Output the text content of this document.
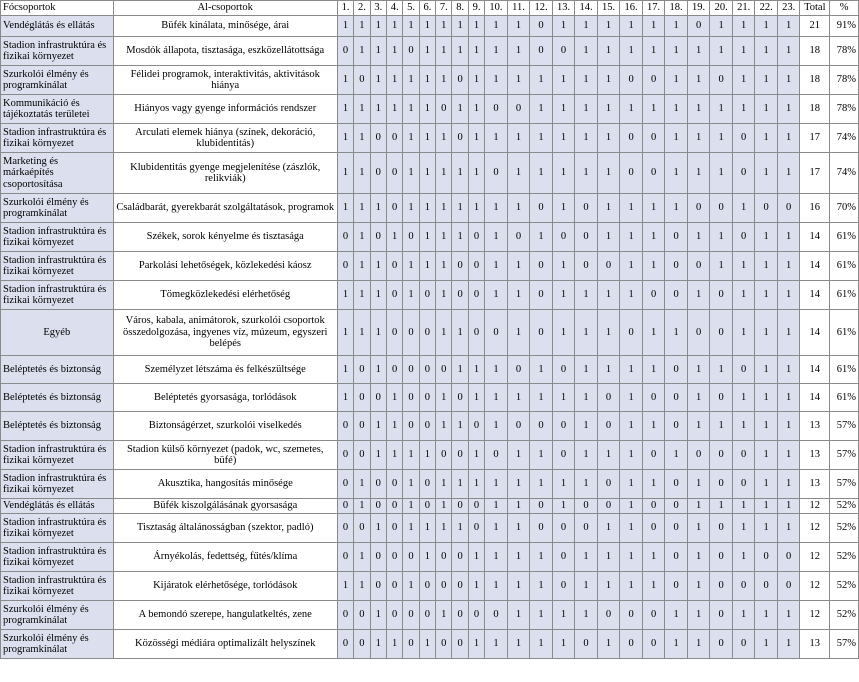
Fócsoportok	Al-csoportok	1.	2.	3.	4.	5.	6.	7.	8.	9.	10.	11.	12.	13.	14.	15.	16.	17.	18.	19.	20.	21.	22.	23.	Total	%
Vendéglátás és ellátás	Büfék kínálata, minősége, árai	1	1	1	1	1	1	1	1	1	1	1	0	1	1	1	1	1	1	0	1	1	1	1	21	91%
Stadion infrastruktúra és fizikai környezet	Mosdók állapota, tisztasága, eszközellátottsága	0	1	1	1	0	1	1	1	1	1	1	0	0	1	1	1	1	1	1	1	1	1	1	18	78%
Szurkolói élmény és programkínálat	Félidei programok, interaktivitás, aktivitások hiánya	1	0	1	1	1	1	1	0	1	1	1	1	1	1	1	0	0	1	1	0	1	1	1	18	78%
Kommunikáció és tájékoztatás területei	Hiányos vagy gyenge információs rendszer	1	1	1	1	1	1	0	1	1	0	0	1	1	1	1	1	1	1	1	1	1	1	1	18	78%
Stadion infrastruktúra és fizikai környezet	Arculati elemek hiánya (színek, dekoráció, klubidentitás)	1	1	0	0	1	1	1	0	1	1	1	1	1	1	1	0	0	1	1	1	0	1	1	17	74%
Marketing és márkaépítés csoportosítása	Klubidentitás gyenge megjelenítése (zászlók, relikviák)	1	1	0	0	1	1	1	1	1	0	1	1	1	1	1	0	0	1	1	1	0	1	1	17	74%
Szurkolói élmény és programkínálat	Családbarát, gyerekbarát szolgáltatások, programok	1	1	1	0	1	1	1	1	1	1	1	0	1	0	1	1	1	1	0	0	1	0	0	16	70%
Stadion infrastruktúra és fizikai környezet	Székek, sorok kényelme és tisztasága	0	1	0	1	0	1	1	1	0	1	0	1	0	0	1	1	1	0	1	1	0	1	1	14	61%
Stadion infrastruktúra és fizikai környezet	Parkolási lehetőségek, közlekedési káosz	0	1	1	0	1	1	1	0	0	1	1	0	1	0	0	1	1	0	0	1	1	1	1	14	61%
Stadion infrastruktúra és fizikai környezet	Tömegközlekedési elérhetőség	1	1	1	0	1	0	1	0	0	1	1	0	1	1	1	1	0	0	1	0	1	1	1	14	61%
Egyéb	Város, kabala, animátorok, szurkolói csoportok összedolgozása, ingyenes víz, múzeum, egyszeri belépés	1	1	1	0	0	0	1	1	0	0	1	0	1	1	1	0	1	1	0	0	1	1	1	14	61%
Beléptetés és biztonság	Személyzet létszáma és felkészültsége	1	0	1	0	0	0	0	1	1	1	0	1	0	1	1	1	1	0	1	1	0	1	1	14	61%
Beléptetés és biztonság	Beléptetés gyorsasága, torlódások	1	0	0	1	0	0	1	0	1	1	1	1	1	1	0	1	0	0	1	0	1	1	1	14	61%
Beléptetés és biztonság	Biztonságérzet, szurkolói viselkedés	0	0	1	1	0	0	1	1	0	1	0	0	0	1	0	1	1	0	1	1	1	1	1	13	57%
Stadion infrastruktúra és fizikai környezet	Stadion külső környezet (padok, wc, szemetes, büfé)	0	0	1	1	1	1	0	0	1	0	1	1	0	1	1	1	0	1	0	0	0	1	1	13	57%
Stadion infrastruktúra és fizikai környezet	Akusztika, hangosítás minősége	0	1	0	0	1	0	1	1	1	1	1	1	1	1	0	1	1	0	1	0	0	1	1	13	57%
Vendéglátás és ellátás	Büfék kiszolgálásának gyorsasága	0	1	0	0	1	0	1	0	0	1	1	0	1	0	0	1	0	0	1	1	1	1	1	12	52%
Stadion infrastruktúra és fizikai környezet	Tisztaság általánosságban (szektor, padló)	0	0	1	0	1	1	1	1	0	1	1	0	0	0	1	1	0	0	1	0	1	1	1	12	52%
Stadion infrastruktúra és fizikai környezet	Árnyékolás, fedettség, fűtés/klíma	0	1	0	0	0	1	0	0	1	1	1	1	0	1	1	1	1	0	1	0	1	0	0	12	52%
Stadion infrastruktúra és fizikai környezet	Kijáratok elérhetősége, torlódások	1	1	0	0	1	0	0	0	1	1	1	1	0	1	1	1	1	0	1	0	0	0	0	12	52%
Szurkolói élmény és programkínálat	A bemondó szerepe, hangulatkeltés, zene	0	0	1	0	0	0	1	0	0	0	1	1	1	1	0	0	0	1	1	0	1	1	1	12	52%
Szurkolói élmény és programkínálat	Közösségi médiára optimalizált helyszínek	0	0	1	1	0	1	0	0	1	1	1	1	1	0	1	0	0	1	1	0	0	1	1	13	57%
